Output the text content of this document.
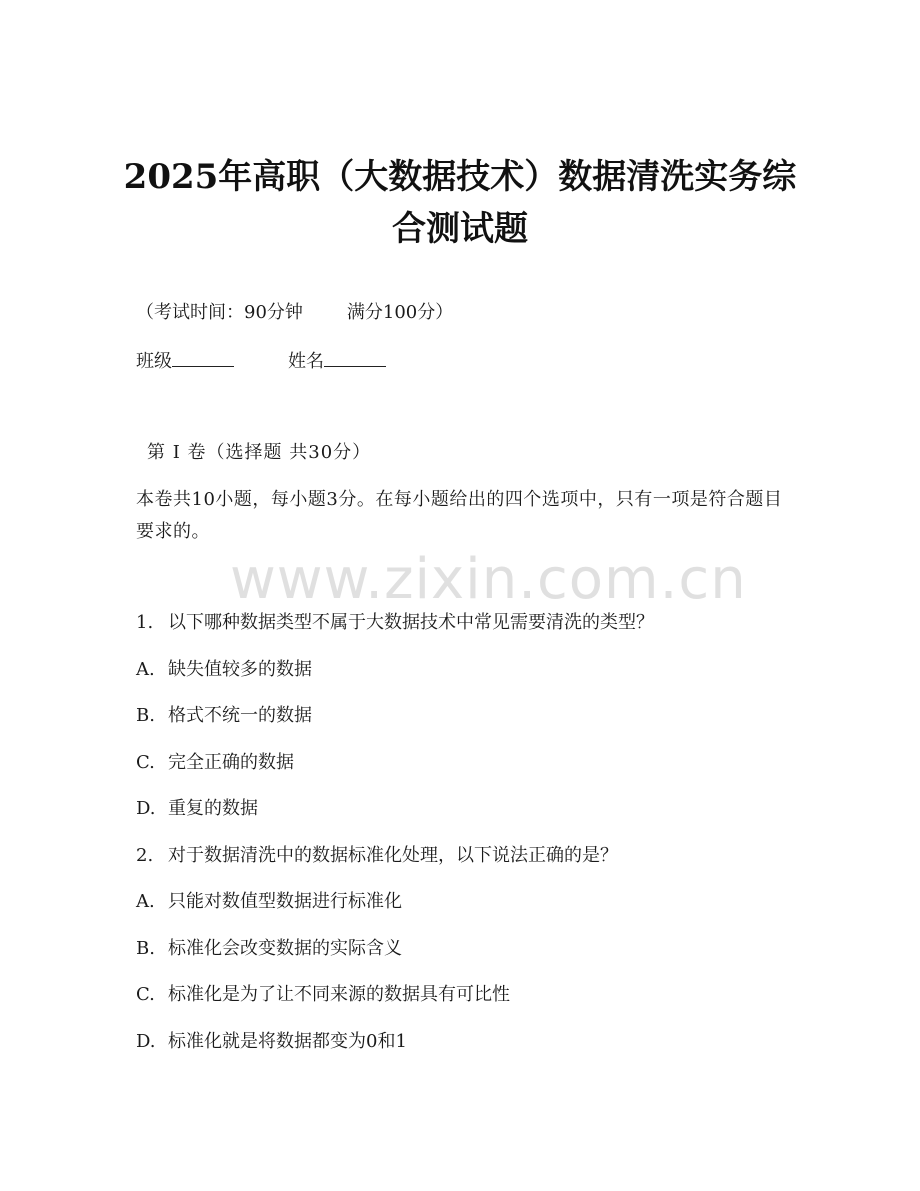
2025年高职（大数据技术）数据清洗实务综
合测试题
（考试时间：90分钟 满分100分）
班级	姓名
第 I 卷（选择题 共30分）
本卷共10小题，每小题3分。在每小题给出的四个选项中，只有一项是符合题目要求的。
www.zixin.com.cn
1. 以下哪种数据类型不属于大数据技术中常见需要清洗的类型？
A. 缺失值较多的数据
B. 格式不统一的数据
C. 完全正确的数据
D. 重复的数据
2. 对于数据清洗中的数据标准化处理，以下说法正确的是？
A. 只能对数值型数据进行标准化
B. 标准化会改变数据的实际含义
C. 标准化是为了让不同来源的数据具有可比性
D. 标准化就是将数据都变为0和1
